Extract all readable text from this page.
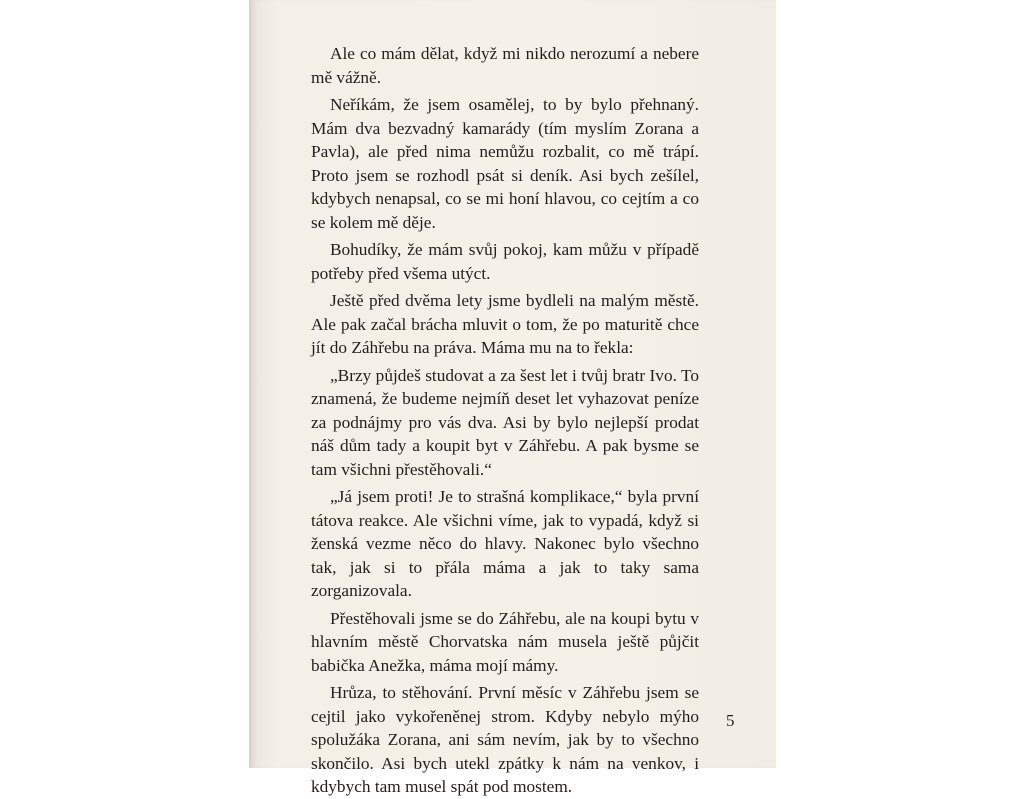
Ale co mám dělat, když mi nikdo nerozumí a nebere mě vážně.

Neříkám, že jsem osamělej, to by bylo přehnaný. Mám dva bezvadný kamarády (tím myslím Zorana a Pavla), ale před nima nemůžu rozbalit, co mě trápí. Proto jsem se rozhodl psát si deník. Asi bych zešílel, kdybych nenapsal, co se mi honí hlavou, co cejtím a co se kolem mě děje.

Bohudíky, že mám svůj pokoj, kam můžu v případě potřeby před všema utýct.

Ještě před dvěma lety jsme bydleli na malým městě. Ale pak začal brácha mluvit o tom, že po maturitě chce jít do Záhřebu na práva. Máma mu na to řekla:

„Brzy půjdeš studovat a za šest let i tvůj bratr Ivo. To znamená, že budeme nejmíň deset let vyhazovat peníze za podnájmy pro vás dva. Asi by bylo nejlepší prodat náš dům tady a koupit byt v Záhřebu. A pak bysme se tam všichni přestěhovali.“

„Já jsem proti! Je to strašná komplikace,“ byla první tátova reakce. Ale všichni víme, jak to vypadá, když si ženská vezme něco do hlavy. Nakonec bylo všechno tak, jak si to přála máma a jak to taky sama zorganizovala.

Přestěhovali jsme se do Záhřebu, ale na koupi bytu v hlavním městě Chorvatska nám musela ještě půjčit babička Anežka, máma mojí mámy.

Hrůza, to stěhování. První měsíc v Záhřebu jsem se cejtil jako vykořeněnej strom. Kdyby nebylo mýho spolužáka Zorana, ani sám nevím, jak by to všechno skončilo. Asi bych utekl zpátky k nám na venkov, i kdybych tam musel spát pod mostem.

5
